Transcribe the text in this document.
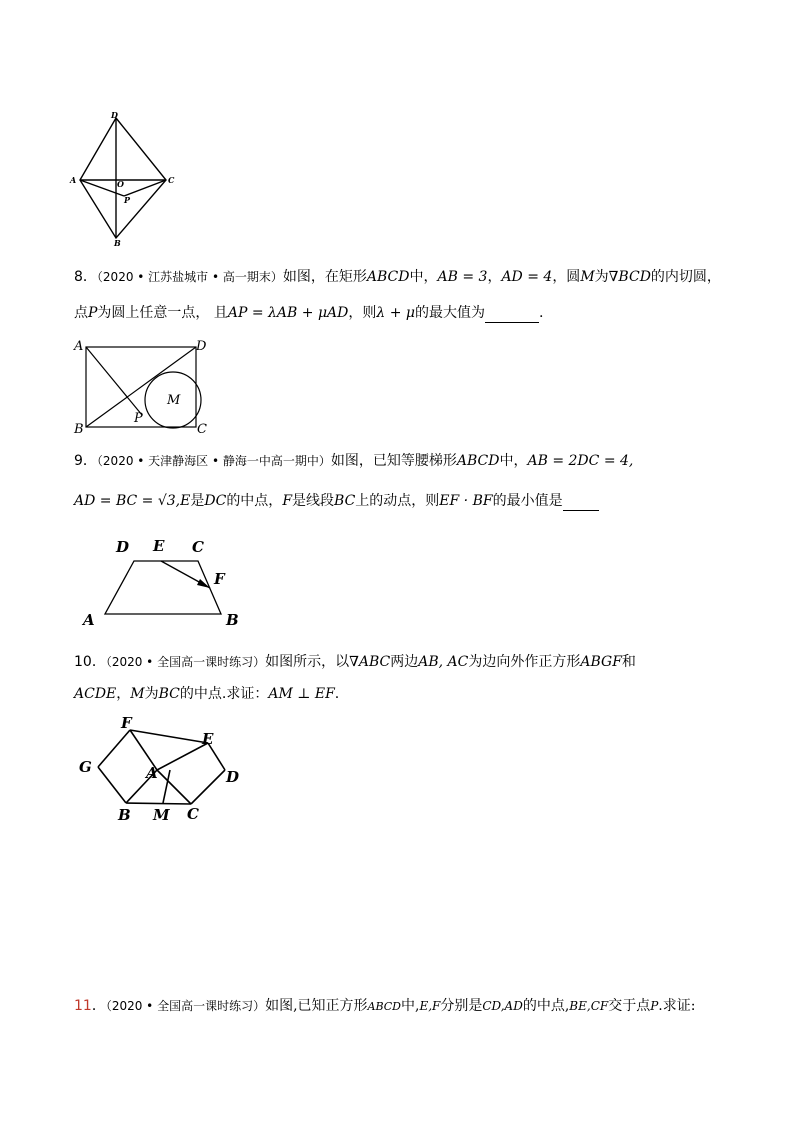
D
A	O	C
P
B
8．（2020 • 江苏盐城市 • 高一期末）如图，在矩形ABCD中，AB = 3，AD = 4，圆M为∇BCD的内切圆，
点P为圆上任意一点， 且AP = λAB + μAD，则λ + μ的最大值为	.
A	D
B	C
M
P
9．（2020 • 天津静海区 • 静海一中高一期中）如图，已知等腰梯形ABCD中，AB = 2DC = 4,
AD = BC = √3,E是DC的中点，F是线段BC上的动点，则EF · BF的最小值是
D E C
F
A	B
10．（2020 • 全国高一课时练习）如图所示，以∇ABC两边AB, AC为边向外作正方形ABGF和
ACDE，M为BC的中点.求证：AM ⊥ EF.
F
E
G	A	D
B M C
11．（2020 • 全国高一课时练习）如图,已知正方形ABCD中,E,F分别是CD,AD的中点,BE,CF交于点P.求证:
